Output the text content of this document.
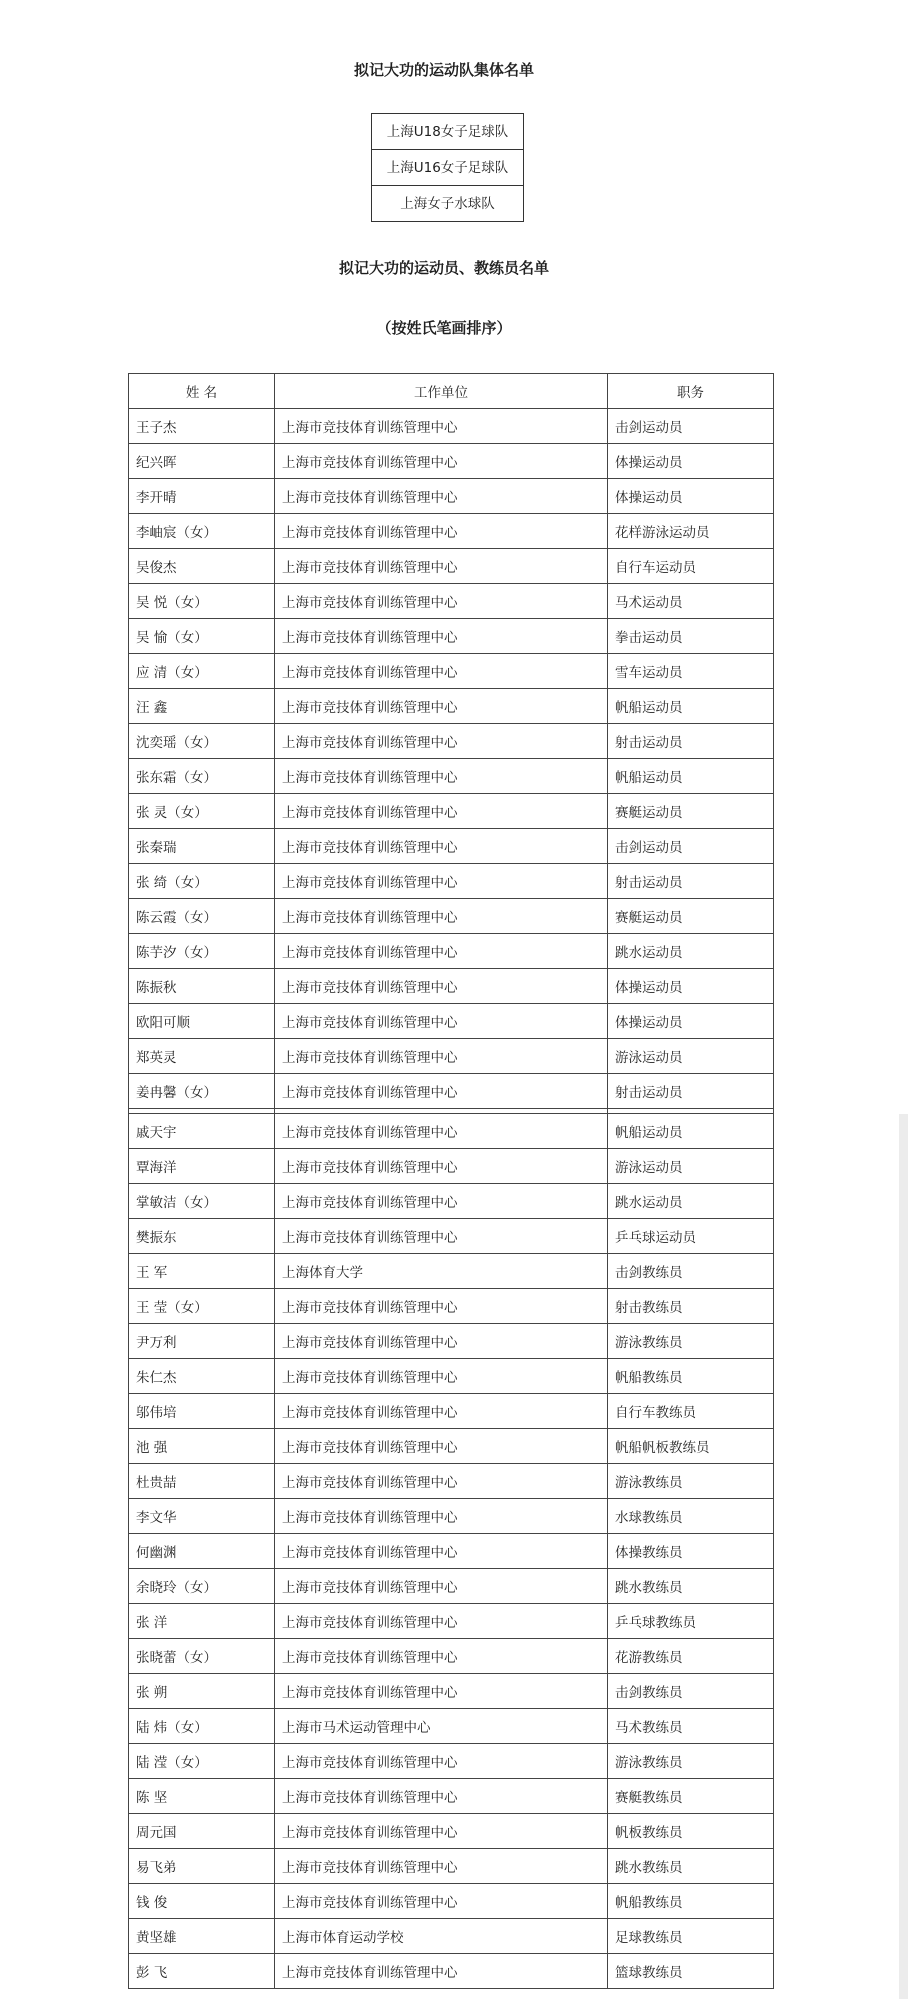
拟记大功的运动队集体名单
上海U18女子足球队
上海U16女子足球队
上海女子水球队
拟记大功的运动员、教练员名单
（按姓氏笔画排序）
姓 名	工作单位	职务
王子杰	上海市竞技体育训练管理中心	击剑运动员
纪兴晖	上海市竞技体育训练管理中心	体操运动员
李开晴	上海市竞技体育训练管理中心	体操运动员
李岫宸（女）	上海市竞技体育训练管理中心	花样游泳运动员
吴俊杰	上海市竞技体育训练管理中心	自行车运动员
吴 悦（女）	上海市竞技体育训练管理中心	马术运动员
吴 愉（女）	上海市竞技体育训练管理中心	拳击运动员
应 清（女）	上海市竞技体育训练管理中心	雪车运动员
汪 鑫	上海市竞技体育训练管理中心	帆船运动员
沈奕瑶（女）	上海市竞技体育训练管理中心	射击运动员
张东霜（女）	上海市竞技体育训练管理中心	帆船运动员
张 灵（女）	上海市竞技体育训练管理中心	赛艇运动员
张秦瑞	上海市竞技体育训练管理中心	击剑运动员
张 绮（女）	上海市竞技体育训练管理中心	射击运动员
陈云霞（女）	上海市竞技体育训练管理中心	赛艇运动员
陈芋汐（女）	上海市竞技体育训练管理中心	跳水运动员
陈振秋	上海市竞技体育训练管理中心	体操运动员
欧阳可顺	上海市竞技体育训练管理中心	体操运动员
郑英灵	上海市竞技体育训练管理中心	游泳运动员
姜冉馨（女）	上海市竞技体育训练管理中心	射击运动员

戚天宇	上海市竞技体育训练管理中心	帆船运动员
覃海洋	上海市竞技体育训练管理中心	游泳运动员
掌敏洁（女）	上海市竞技体育训练管理中心	跳水运动员
樊振东	上海市竞技体育训练管理中心	乒乓球运动员
王 军	上海体育大学	击剑教练员
王 莹（女）	上海市竞技体育训练管理中心	射击教练员
尹万利	上海市竞技体育训练管理中心	游泳教练员
朱仁杰	上海市竞技体育训练管理中心	帆船教练员
邬伟培	上海市竞技体育训练管理中心	自行车教练员
池 强	上海市竞技体育训练管理中心	帆船帆板教练员
杜贵喆	上海市竞技体育训练管理中心	游泳教练员
李文华	上海市竞技体育训练管理中心	水球教练员
何幽渊	上海市竞技体育训练管理中心	体操教练员
余晓玲（女）	上海市竞技体育训练管理中心	跳水教练员
张 洋	上海市竞技体育训练管理中心	乒乓球教练员
张晓蕾（女）	上海市竞技体育训练管理中心	花游教练员
张 朔	上海市竞技体育训练管理中心	击剑教练员
陆 炜（女）	上海市马术运动管理中心	马术教练员
陆 滢（女）	上海市竞技体育训练管理中心	游泳教练员
陈 坚	上海市竞技体育训练管理中心	赛艇教练员
周元国	上海市竞技体育训练管理中心	帆板教练员
易飞弟	上海市竞技体育训练管理中心	跳水教练员
钱 俊	上海市竞技体育训练管理中心	帆船教练员
黄坚雄	上海市体育运动学校	足球教练员
彭 飞	上海市竞技体育训练管理中心	篮球教练员
